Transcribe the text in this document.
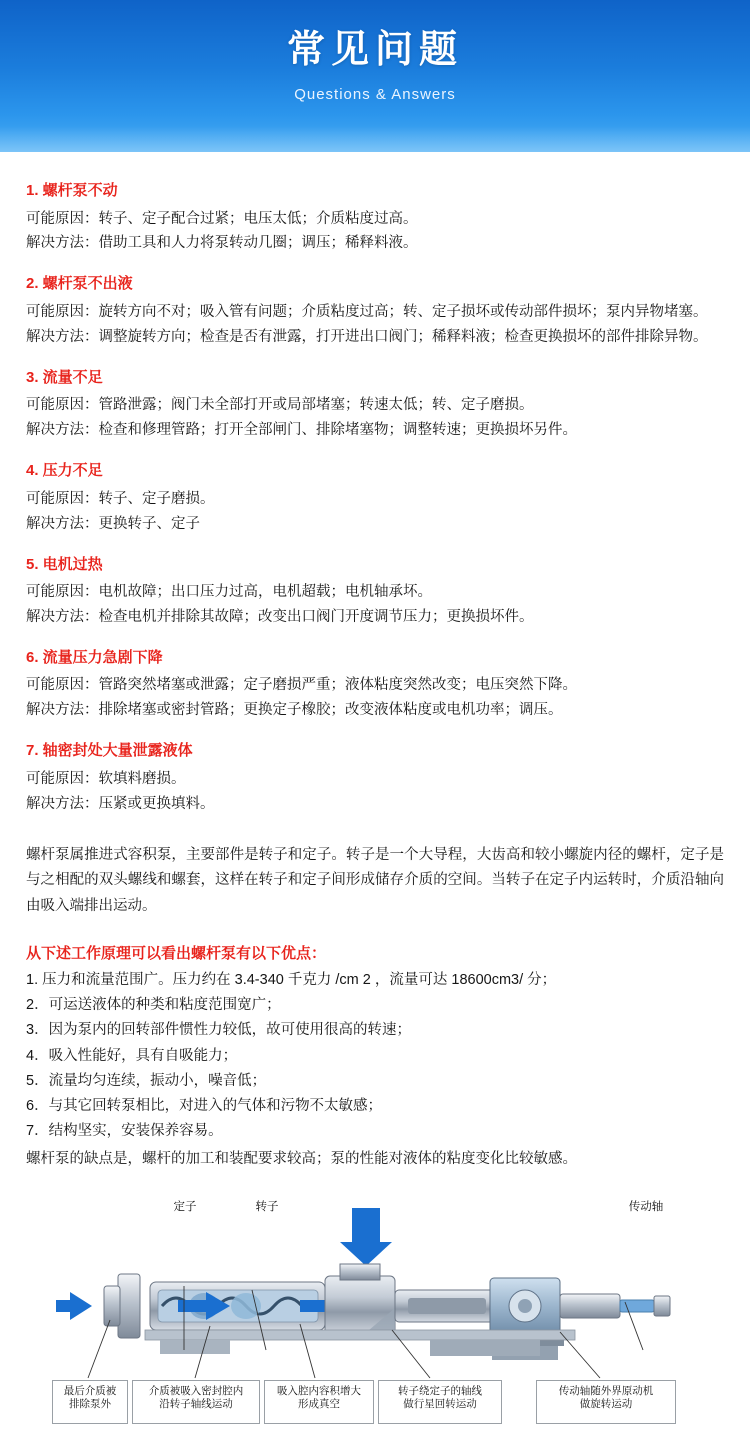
常见问题
Questions & Answers
1. 螺杆泵不动
可能原因：转子、定子配合过紧；电压太低；介质粘度过高。
解决方法：借助工具和人力将泵转动几圈；调压；稀释料液。
2. 螺杆泵不出液
可能原因：旋转方向不对；吸入管有问题；介质粘度过高；转、定子损坏或传动部件损坏；泵内异物堵塞。
解决方法：调整旋转方向；检查是否有泄露，打开进出口阀门；稀释料液；检查更换损坏的部件排除异物。
3. 流量不足
可能原因：管路泄露；阀门未全部打开或局部堵塞；转速太低；转、定子磨损。
解决方法：检查和修理管路；打开全部闸门、排除堵塞物；调整转速；更换损坏另件。
4. 压力不足
可能原因：转子、定子磨损。
解决方法：更换转子、定子
5. 电机过热
可能原因：电机故障；出口压力过高，电机超载；电机轴承坏。
解决方法：检查电机并排除其故障；改变出口阀门开度调节压力；更换损坏件。
6. 流量压力急剧下降
可能原因：管路突然堵塞或泄露；定子磨损严重；液体粘度突然改变；电压突然下降。
解决方法：排除堵塞或密封管路；更换定子橡胶；改变液体粘度或电机功率；调压。
7. 轴密封处大量泄露液体
可能原因：软填料磨损。
解决方法：压紧或更换填料。
螺杆泵属推进式容积泵，主要部件是转子和定子。转子是一个大导程，大齿高和较小螺旋内径的螺杆，定子是与之相配的双头螺线和螺套，这样在转子和定子间形成储存介质的空间。当转子在定子内运转时，介质沿轴向由吸入端排出运动。
从下述工作原理可以看出螺杆泵有以下优点：
1. 压力和流量范围广。压力约在 3.4-340 千克力 /cm 2 ，流量可达 18600cm3/ 分；
2．可运送液体的种类和粘度范围宽广；
3．因为泵内的回转部件惯性力较低，故可使用很高的转速；
4．吸入性能好，具有自吸能力；
5．流量均匀连续，振动小，噪音低；
6．与其它回转泵相比，对进入的气体和污物不太敏感；
7．结构坚实，安装保养容易。
螺杆泵的缺点是，螺杆的加工和装配要求较高；泵的性能对液体的粘度变化比较敏感。
定子	转子	传动轴
最后介质被
排除泵外
介质被吸入密封腔内
沿转子轴线运动
吸入腔内容积增大
形成真空
转子绕定子的轴线
做行星回转运动
传动轴随外界原动机
做旋转运动
